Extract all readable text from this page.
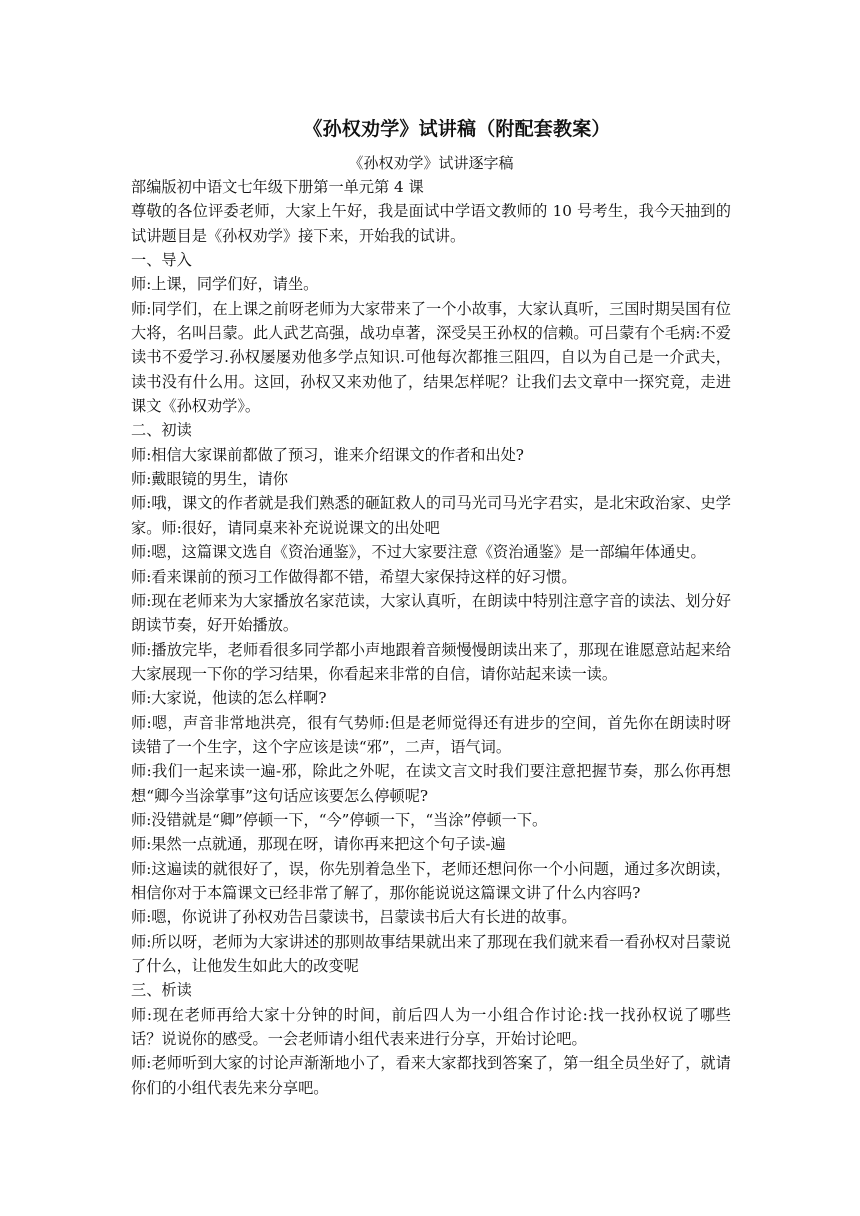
《孙权劝学》试讲稿（附配套教案）
《孙权劝学》试讲逐字稿

部编版初中语文七年级下册第一单元第 4 课

尊敬的各位评委老师，大家上午好，我是面试中学语文教师的 10 号考生，我今天抽到的试讲题目是《孙权劝学》接下来，开始我的试讲。

一、导入

师:上课，同学们好，请坐。

师:同学们，在上课之前呀老师为大家带来了一个小故事，大家认真听，三国时期吴国有位大将，名叫吕蒙。此人武艺高强，战功卓著，深受吴王孙权的信赖。可吕蒙有个毛病:不爱读书不爱学习.孙权屡屡劝他多学点知识.可他每次都推三阻四，自以为自己是一介武夫，读书没有什么用。这回，孙权又来劝他了，结果怎样呢？让我们去文章中一探究竟，走进课文《孙权劝学》。

二、初读

师:相信大家课前都做了预习，谁来介绍课文的作者和出处?

师:戴眼镜的男生，请你

师:哦，课文的作者就是我们熟悉的砸缸救人的司马光司马光字君实，是北宋政治家、史学家。师:很好，请同桌来补充说说课文的出处吧

师:嗯，这篇课文选自《资治通鉴》，不过大家要注意《资治通鉴》是一部编年体通史。

师:看来课前的预习工作做得都不错，希望大家保持这样的好习惯。

师:现在老师来为大家播放名家范读，大家认真听，在朗读中特别注意字音的读法、划分好朗读节奏，好开始播放。

师:播放完毕，老师看很多同学都小声地跟着音频慢慢朗读出来了，那现在谁愿意站起来给大家展现一下你的学习结果，你看起来非常的自信，请你站起来读一读。

师:大家说，他读的怎么样啊?

师:嗯，声音非常地洪亮，很有气势师:但是老师觉得还有进步的空间，首先你在朗读时呀读错了一个生字，这个字应该是读“邪”，二声，语气词。

师:我们一起来读一遍-邪，除此之外呢，在读文言文时我们要注意把握节奏，那么你再想想“卿今当涂掌事”这句话应该要怎么停顿呢?

师:没错就是“卿”停顿一下，“今”停顿一下，“当涂”停顿一下。

师:果然一点就通，那现在呀，请你再来把这个句子读-遍

师:这遍读的就很好了，误，你先别着急坐下，老师还想问你一个小问题，通过多次朗读，相信你对于本篇课文已经非常了解了，那你能说说这篇课文讲了什么内容吗?

师:嗯，你说讲了孙权劝告吕蒙读书，吕蒙读书后大有长进的故事。

师:所以呀，老师为大家讲述的那则故事结果就出来了那现在我们就来看一看孙权对吕蒙说了什么，让他发生如此大的改变呢

三、析读

师:现在老师再给大家十分钟的时间，前后四人为一小组合作讨论:找一找孙权说了哪些话？说说你的感受。一会老师请小组代表来进行分享，开始讨论吧。

师:老师听到大家的讨论声渐渐地小了，看来大家都找到答案了，第一组全员坐好了，就请你们的小组代表先来分享吧。
